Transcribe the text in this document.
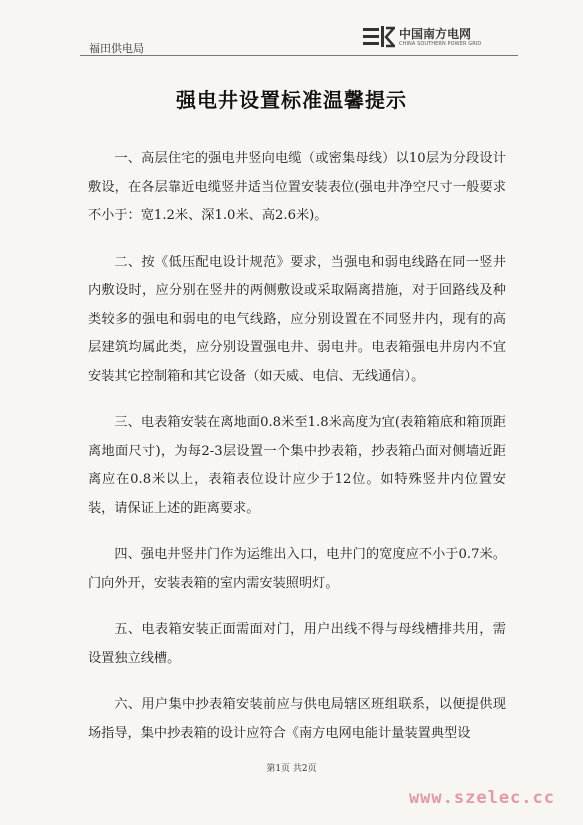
福田供电局
中国南方电网
CHINA SOUTHERN POWER GRID
强电井设置标准温馨提示

一、高层住宅的强电井竖向电缆（或密集母线）以10层为分段设计敷设，在各层靠近电缆竖井适当位置安装表位(强电井净空尺寸一般要求不小于：宽1.2米、深1.0米、高2.6米)。

二、按《低压配电设计规范》要求，当强电和弱电线路在同一竖井内敷设时，应分别在竖井的两侧敷设或采取隔离措施，对于回路线及种类较多的强电和弱电的电气线路，应分别设置在不同竖井内，现有的高层建筑均属此类，应分别设置强电井、弱电井。电表箱强电井房内不宜安装其它控制箱和其它设备（如天威、电信、无线通信）。

三、电表箱安装在离地面0.8米至1.8米高度为宜(表箱箱底和箱顶距离地面尺寸)，为每2-3层设置一个集中抄表箱，抄表箱凸面对侧墙近距离应在0.8米以上，表箱表位设计应少于12位。如特殊竖井内位置安装，请保证上述的距离要求。

四、强电井竖井门作为运维出入口，电井门的宽度应不小于0.7米。门向外开，安装表箱的室内需安装照明灯。

五、电表箱安装正面需面对门，用户出线不得与母线槽排共用，需设置独立线槽。

六、用户集中抄表箱安装前应与供电局辖区班组联系，以便提供现场指导，集中抄表箱的设计应符合《南方电网电能计量装置典型设

第1页 共2页
www.szelec.cc
